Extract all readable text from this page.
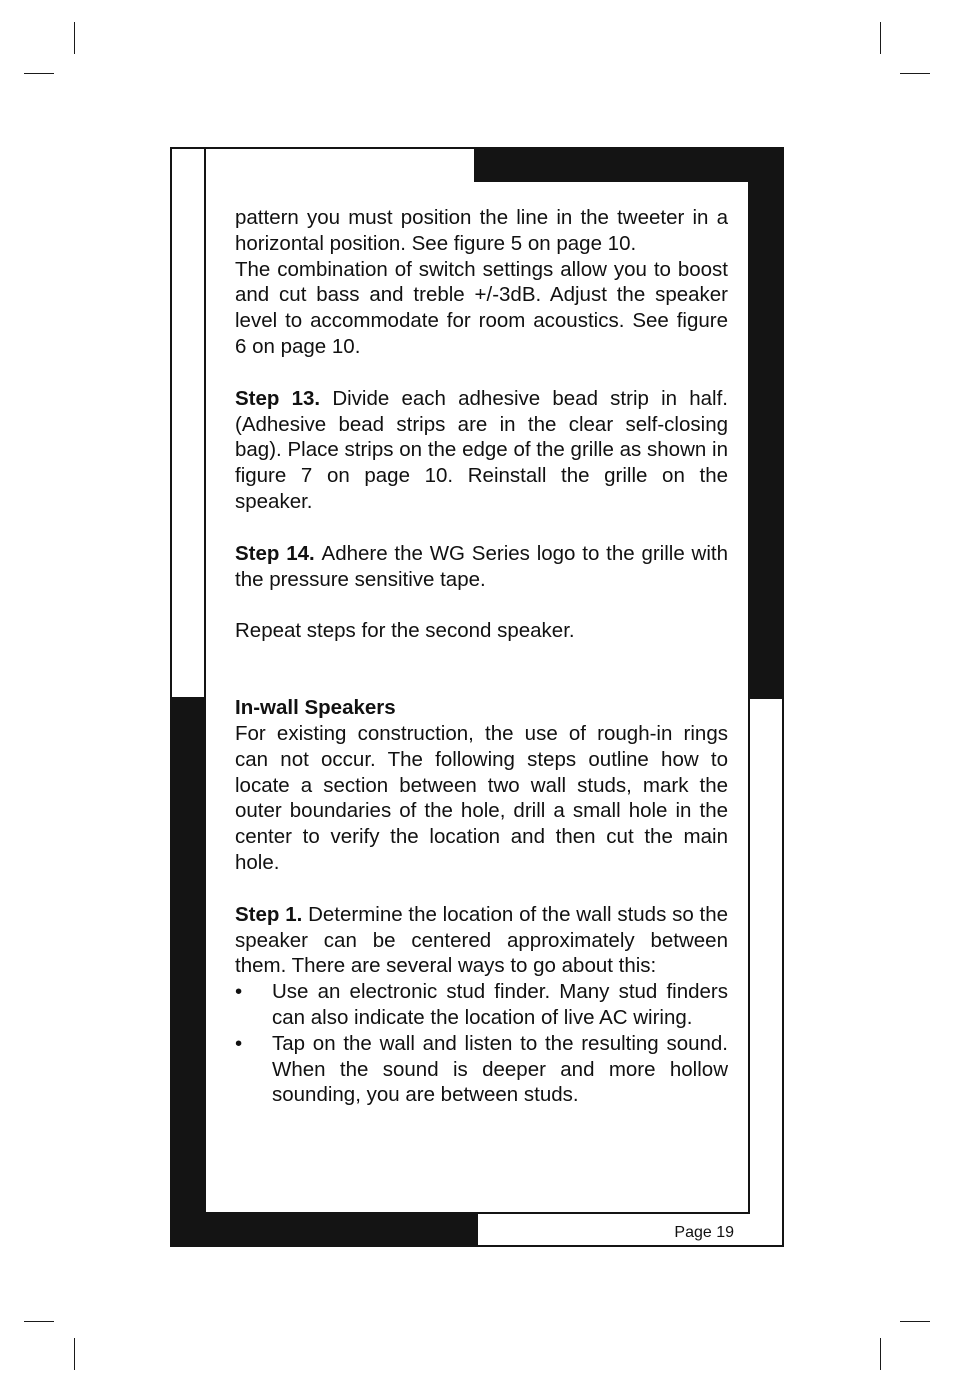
pattern you must position the line in the tweeter in a horizontal position. See figure 5 on page 10.

The combination of switch settings allow you to boost and cut bass and treble +/-3dB. Adjust the speaker level to accommodate for room acoustics. See figure 6 on page 10.

Step 13. Divide each adhesive bead strip in half. (Adhesive bead strips are in the clear self-closing bag). Place strips on the edge of the grille as shown in figure 7 on page 10. Reinstall the grille on the speaker.

Step 14. Adhere the WG Series logo to the grille with the pressure sensitive tape.

Repeat steps for the second speaker.

In-wall Speakers

For existing construction, the use of rough-in rings can not occur. The following steps outline how to locate a section between two wall studs, mark the outer boundaries of the hole, drill a small hole in the center to verify the location and then cut the main hole.

Step 1. Determine the location of the wall studs so the speaker can be centered approximately between them. There are several ways to go about this:

• Use an electronic stud finder. Many stud finders can also indicate the location of live AC wiring.
• Tap on the wall and listen to the resulting sound. When the sound is deeper and more hollow sounding, you are between studs.
Page 19
